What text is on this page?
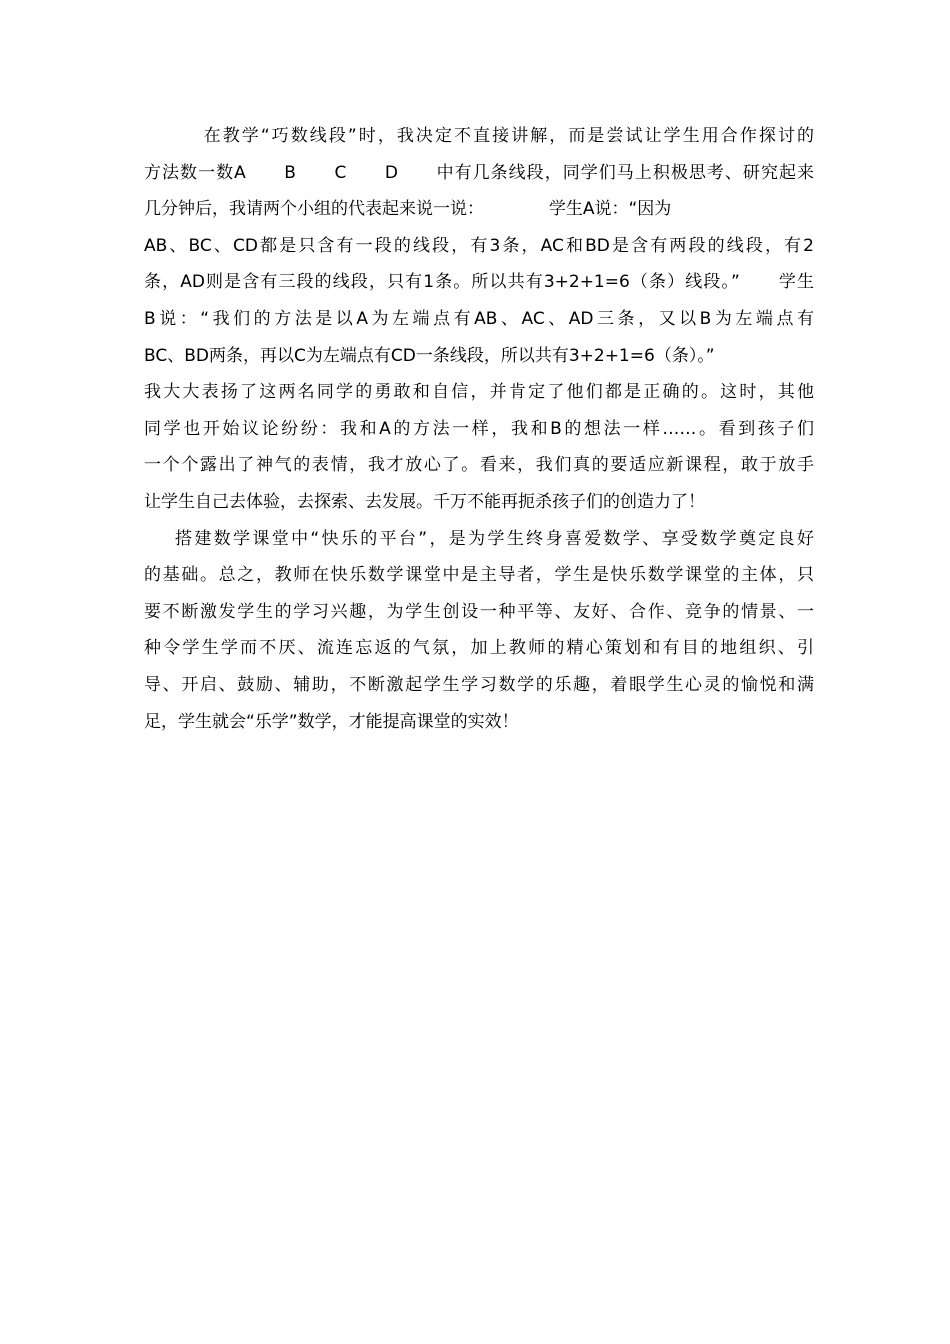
在教学“巧数线段”时，我决定不直接讲解，而是尝试让学生用合作探讨的
方法数一数A      B      C      D      中有几条线段，同学们马上积极思考、研究起来
几分钟后，我请两个小组的代表起来说一说：            学生A说：“因为
AB、BC、CD都是只含有一段的线段，有3条，AC和BD是含有两段的线段，有2
条，AD则是含有三段的线段，只有1条。所以共有3+2+1=6（条）线段。”      学生
B说：“我们的方法是以A为左端点有AB、AC、AD三条，又以B为左端点有
BC、BD两条，再以C为左端点有CD一条线段，所以共有3+2+1=6（条）。”
我大大表扬了这两名同学的勇敢和自信，并肯定了他们都是正确的。这时，其他
同学也开始议论纷纷：我和A的方法一样，我和B的想法一样……。看到孩子们
一个个露出了神气的表情，我才放心了。看来，我们真的要适应新课程，敢于放手
让学生自己去体验，去探索、去发展。千万不能再扼杀孩子们的创造力了！
搭建数学课堂中“快乐的平台”，是为学生终身喜爱数学、享受数学奠定良好
的基础。总之，教师在快乐数学课堂中是主导者，学生是快乐数学课堂的主体，只
要不断激发学生的学习兴趣，为学生创设一种平等、友好、合作、竞争的情景、一
种令学生学而不厌、流连忘返的气氛，加上教师的精心策划和有目的地组织、引
导、开启、鼓励、辅助，不断激起学生学习数学的乐趣，着眼学生心灵的愉悦和满
足，学生就会“乐学”数学，才能提高课堂的实效！
